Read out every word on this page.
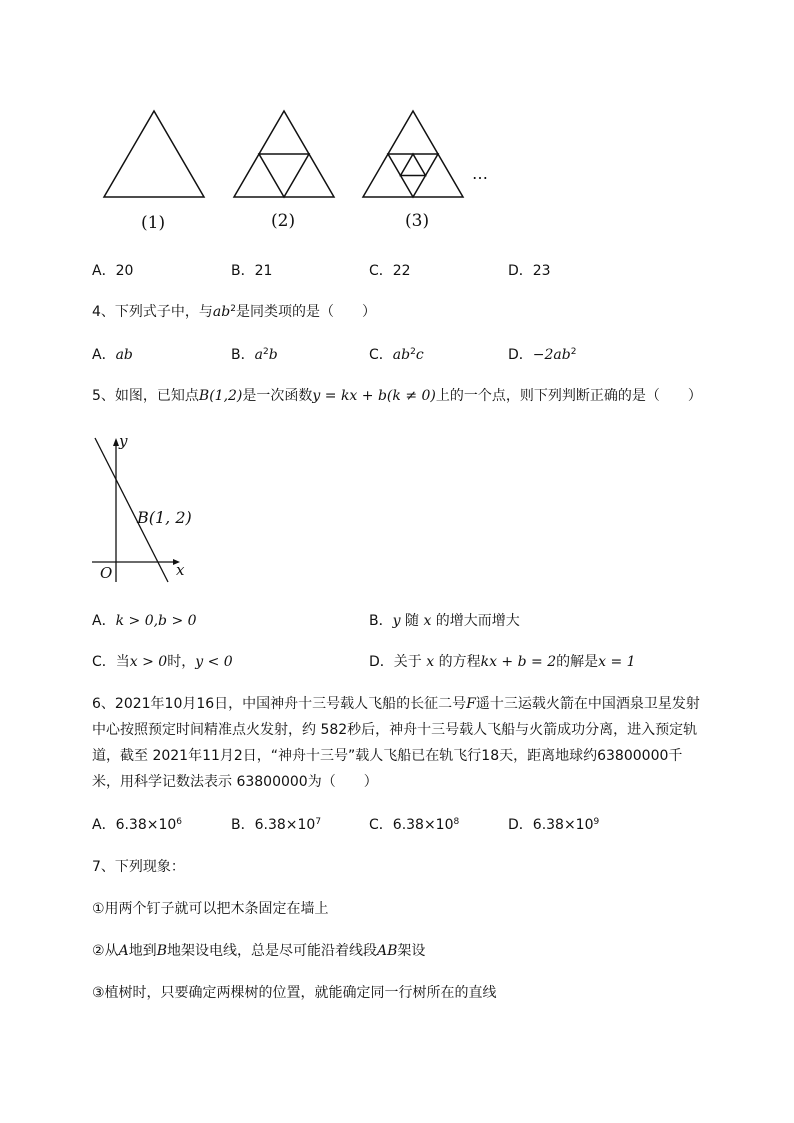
(1)	(2)	(3)
…
A．20	B．21	C．22	D．23
4、下列式子中，与$ab^2$是同类项的是（　　）
A．ab	B．$a^2b$	C．$ab^2c$	D．$-2ab^2$
5、如图，已知点B(1,2)是一次函数y = kx + b(k ≠ 0)上的一个点，则下列判断正确的是（　　）
y
x
O
B(1, 2)
A．k > 0,b > 0	B．y 随 x 的增大而增大
C．当x > 0时，y < 0	D．关于 x 的方程kx + b = 2的解是x = 1
6、2021年10月16日，中国神舟十三号载人飞船的长征二号F遥十三运载火箭在中国酒泉卫星发射
中心按照预定时间精准点火发射，约 582秒后，神舟十三号载人飞船与火箭成功分离，进入预定轨
道，截至 2021年11月2日，“神舟十三号”载人飞船已在轨飞行18天，距离地球约63800000千
米，用科学记数法表示 63800000为（　　）
A．$6.38\times 10^6$	B．$6.38\times 10^7$	C．$6.38\times 10^8$	D．$6.38\times 10^9$
7、下列现象：
①用两个钉子就可以把木条固定在墙上
②从A地到B地架设电线，总是尽可能沿着线段AB架设
③植树时，只要确定两棵树的位置，就能确定同一行树所在的直线
